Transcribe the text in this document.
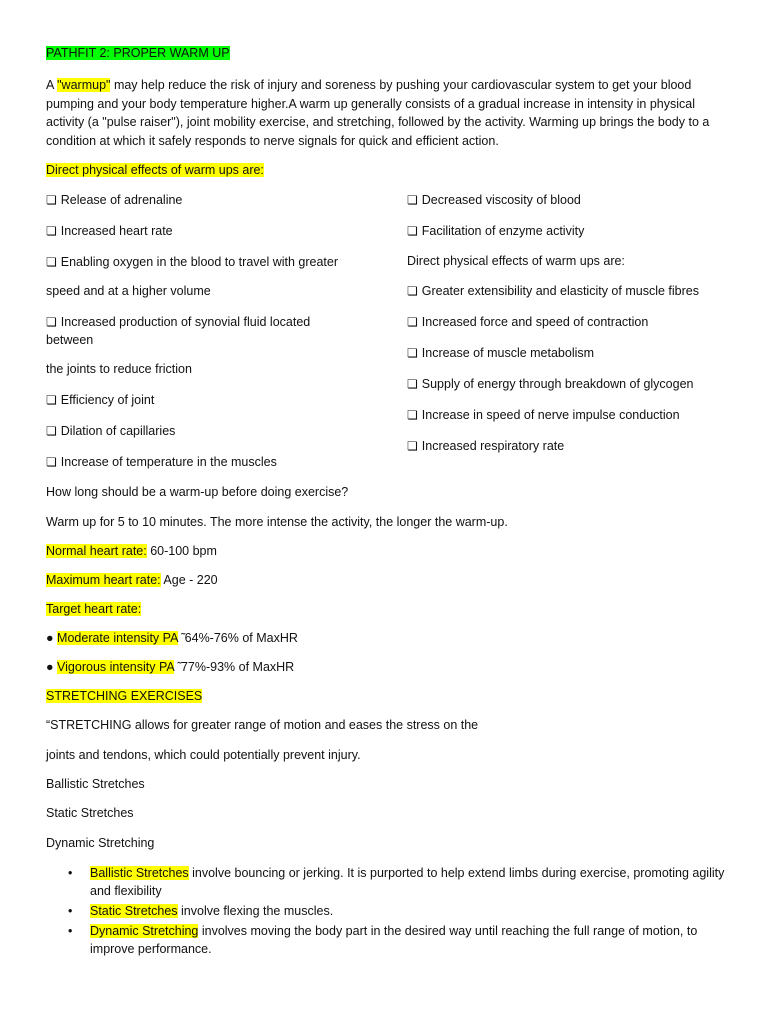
PATHFIT 2: PROPER WARM UP
A "warmup" may help reduce the risk of injury and soreness by pushing your cardiovascular system to get your blood pumping and your body temperature higher.A warm up generally consists of a gradual increase in intensity in physical activity (a "pulse raiser"), joint mobility exercise, and stretching, followed by the activity. Warming up brings the body to a condition at which it safely responds to nerve signals for quick and efficient action.
Direct physical effects of warm ups are:
❏ Release of adrenaline
❏ Increased heart rate
❏ Enabling oxygen in the blood to travel with greater
speed and at a higher volume
❏ Increased production of synovial fluid located
between
the joints to reduce friction
❏ Efficiency of joint
❏ Dilation of capillaries
❏ Increase of temperature in the muscles
❏ Decreased viscosity of blood
❏ Facilitation of enzyme activity
Direct physical effects of warm ups are:
❏ Greater extensibility and elasticity of muscle fibres
❏ Increased force and speed of contraction
❏ Increase of muscle metabolism
❏ Supply of energy through breakdown of glycogen
❏ Increase in speed of nerve impulse conduction
❏ Increased respiratory rate
How long should be a warm-up before doing exercise?
Warm up for 5 to 10 minutes. The more intense the activity, the longer the warm-up.
Normal heart rate: 60-100 bpm
Maximum heart rate: Age - 220
Target heart rate:
● Moderate intensity PA ̃ 64%-76% of MaxHR
● Vigorous intensity PA ̃ 77%-93% of MaxHR
STRETCHING EXERCISES
“STRETCHING allows for greater range of motion and eases the stress on the
joints and tendons, which could potentially prevent injury.
Ballistic Stretches
Static Stretches
Dynamic Stretching
• Ballistic Stretches involve bouncing or jerking. It is purported to help extend limbs during exercise, promoting agility and flexibility
• Static Stretches involve flexing the muscles.
• Dynamic Stretching involves moving the body part in the desired way until reaching the full range of motion, to improve performance.
